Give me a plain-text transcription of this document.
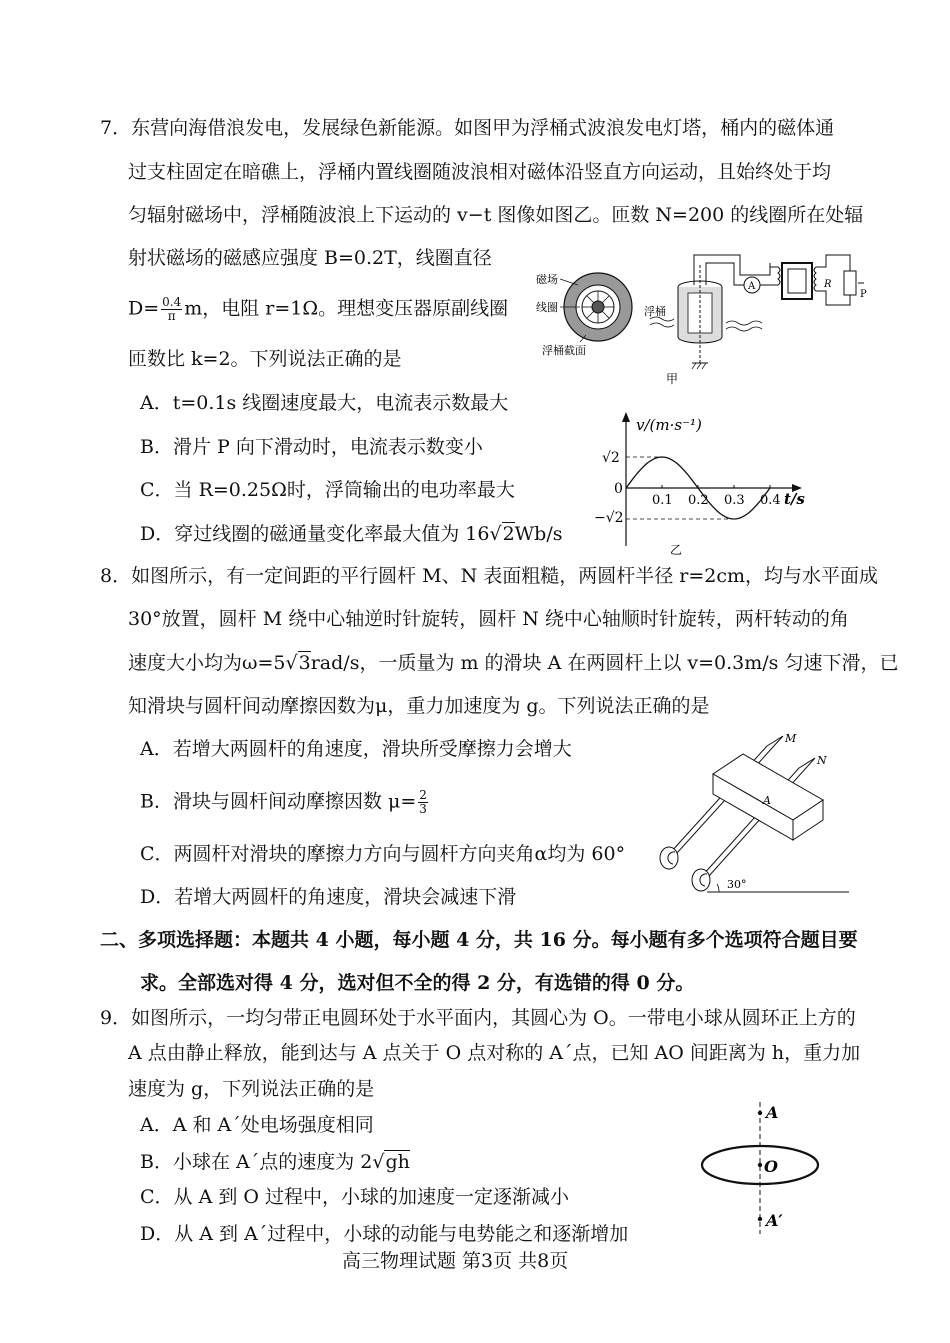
7．东营向海借浪发电，发展绿色新能源。如图甲为浮桶式波浪发电灯塔，桶内的磁体通
过支柱固定在暗礁上，浮桶内置线圈随波浪相对磁体沿竖直方向运动，且始终处于均
匀辐射磁场中，浮桶随波浪上下运动的 v−t 图像如图乙。匝数 N=200 的线圈所在处辐
射状磁场的磁感应强度 B=0.2T，线圈直径
$D= \frac{0.4}{\pi}$ m，电阻 r=1Ω。理想变压器原副线圈
匝数比 k=2。下列说法正确的是
A．t=0.1s 线圈速度最大，电流表示数最大
B．滑片 P 向下滑动时，电流表示数变小
C．当 R=0.25Ω时，浮筒输出的电功率最大
D．穿过线圈的磁通量变化率最大值为 16√2Wb/s
磁场
线圈
浮桶截面
浮桶
A	R
P
甲
v/(m·s⁻¹)
t/s
√2
0
−√2
0.1 0.2 0.3 0.4
乙
8．如图所示，有一定间距的平行圆杆 M、N 表面粗糙，两圆杆半径 r=2cm，均与水平面成
30°放置，圆杆 M 绕中心轴逆时针旋转，圆杆 N 绕中心轴顺时针旋转，两杆转动的角
速度大小均为ω=5√3rad/s，一质量为 m 的滑块 A 在两圆杆上以 v=0.3m/s 匀速下滑，已
知滑块与圆杆间动摩擦因数为μ，重力加速度为 g。下列说法正确的是
A．若增大两圆杆的角速度，滑块所受摩擦力会增大
B．滑块与圆杆间动摩擦因数 $\mu= \frac{2}{3}$
C．两圆杆对滑块的摩擦力方向与圆杆方向夹角α均为 60°
D．若增大两圆杆的角速度，滑块会减速下滑
M
N
A
30°
二、多项选择题：本题共 4 小题，每小题 4 分，共 16 分。每小题有多个选项符合题目要
求。全部选对得 4 分，选对但不全的得 2 分，有选错的得 0 分。
9．如图所示，一均匀带正电圆环处于水平面内，其圆心为 O。一带电小球从圆环正上方的
A 点由静止释放，能到达与 A 点关于 O 点对称的 A´点，已知 AO 间距离为 h，重力加
速度为 g，下列说法正确的是
A．A 和 A´处电场强度相同
B．小球在 A´点的速度为 2√gh
C．从 A 到 O 过程中，小球的加速度一定逐渐减小
D．从 A 到 A´过程中，小球的动能与电势能之和逐渐增加
A
O
A′
高三物理试题 第3页 共8页
